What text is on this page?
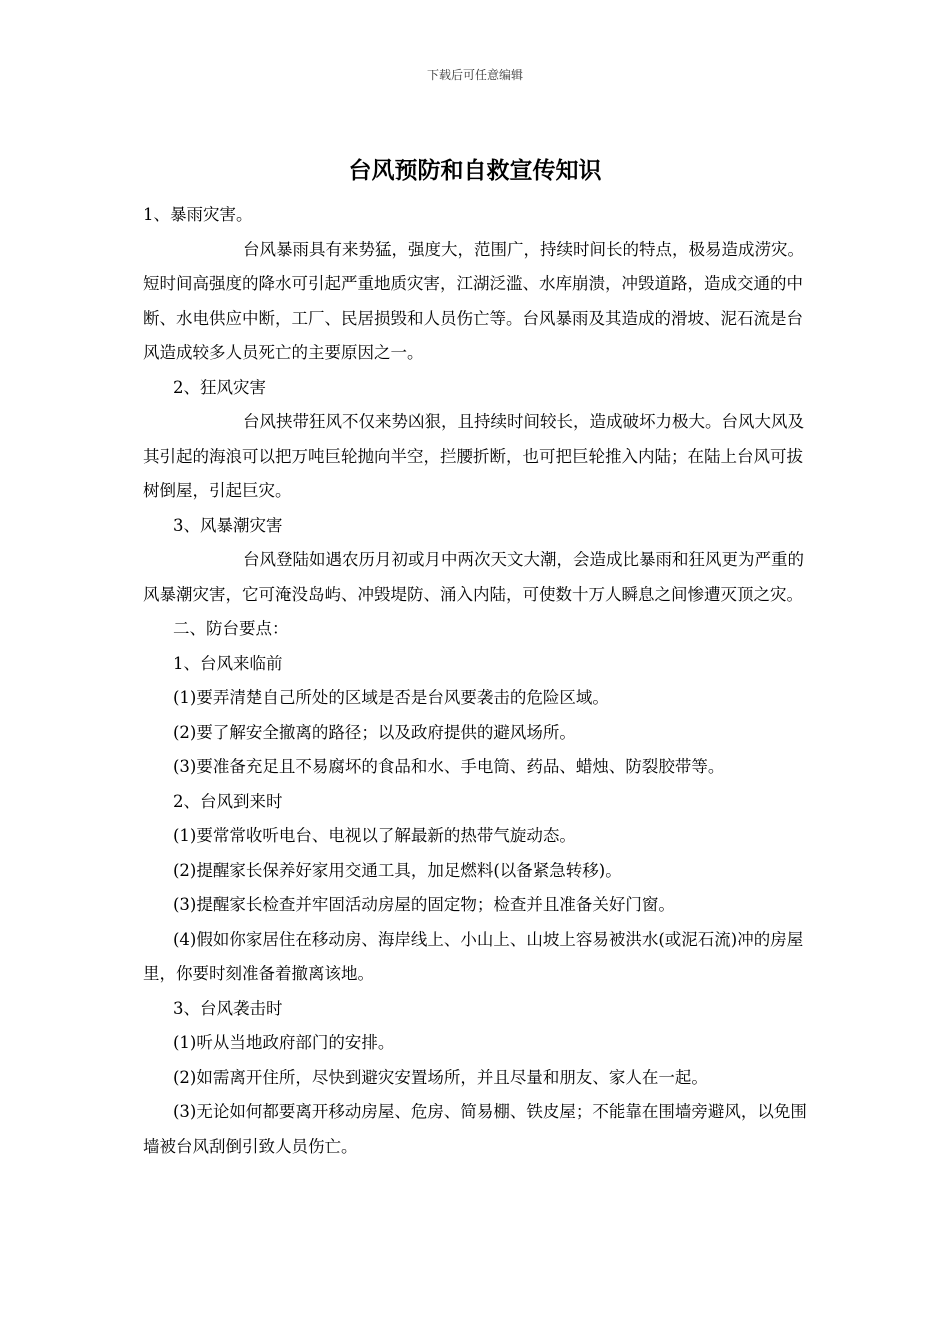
下载后可任意编辑
台风预防和自救宣传知识

1、暴雨灾害。

台风暴雨具有来势猛，强度大，范围广，持续时间长的特点，极易造成涝灾。短时间高强度的降水可引起严重地质灾害，江湖泛滥、水库崩溃，冲毁道路，造成交通的中断、水电供应中断，工厂、民居损毁和人员伤亡等。台风暴雨及其造成的滑坡、泥石流是台风造成较多人员死亡的主要原因之一。

2、狂风灾害

台风挟带狂风不仅来势凶狠，且持续时间较长，造成破坏力极大。台风大风及其引起的海浪可以把万吨巨轮抛向半空，拦腰折断，也可把巨轮推入内陆；在陆上台风可拔树倒屋，引起巨灾。

3、风暴潮灾害

台风登陆如遇农历月初或月中两次天文大潮，会造成比暴雨和狂风更为严重的风暴潮灾害，它可淹没岛屿、冲毁堤防、涌入内陆，可使数十万人瞬息之间惨遭灭顶之灾。

二、防台要点：

1、台风来临前

(1)要弄清楚自己所处的区域是否是台风要袭击的危险区域。

(2)要了解安全撤离的路径；以及政府提供的避风场所。

(3)要准备充足且不易腐坏的食品和水、手电筒、药品、蜡烛、防裂胶带等。

2、台风到来时

(1)要常常收听电台、电视以了解最新的热带气旋动态。

(2)提醒家长保养好家用交通工具，加足燃料(以备紧急转移)。

(3)提醒家长检查并牢固活动房屋的固定物；检查并且准备关好门窗。

(4)假如你家居住在移动房、海岸线上、小山上、山坡上容易被洪水(或泥石流)冲的房屋里，你要时刻准备着撤离该地。

3、台风袭击时

(1)听从当地政府部门的安排。

(2)如需离开住所，尽快到避灾安置场所，并且尽量和朋友、家人在一起。

(3)无论如何都要离开移动房屋、危房、简易棚、铁皮屋；不能靠在围墙旁避风，以免围墙被台风刮倒引致人员伤亡。
